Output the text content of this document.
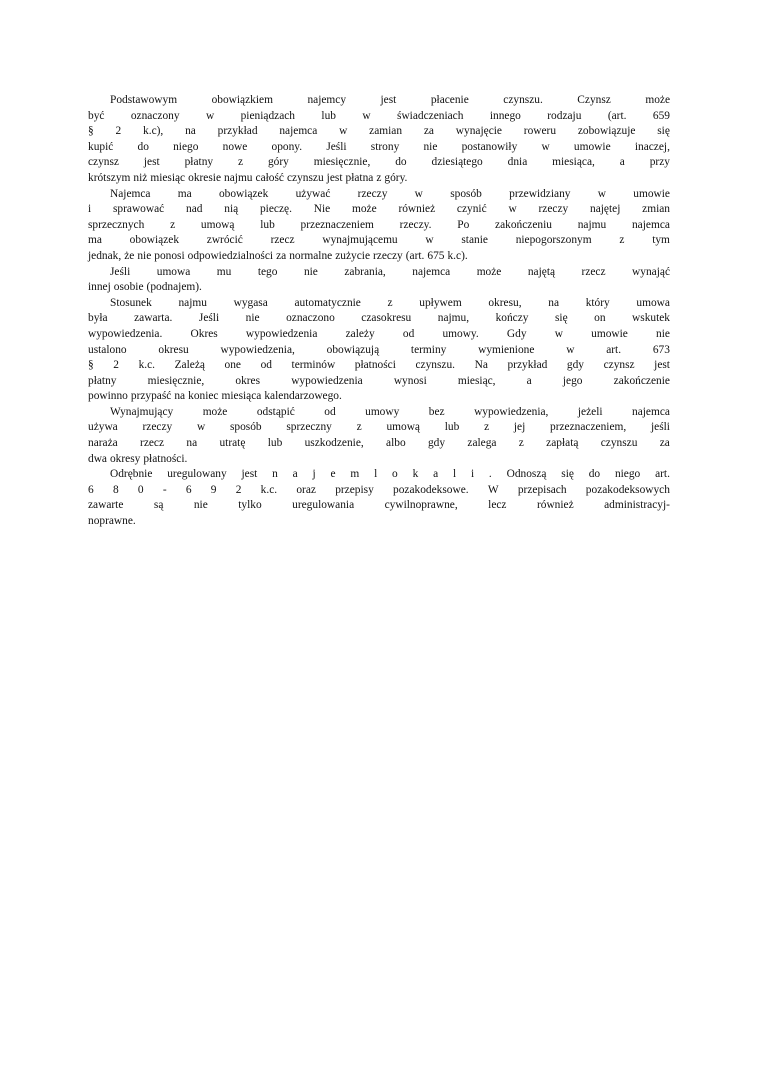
Podstawowym	obowiązkiem	najemcy	jest	płacenie	czynszu.	Czynsz	może
być oznaczony w pieniądzach lub w świadczeniach innego rodzaju (art. 659
§ 2 k.c), na przykład najemca w zamian za wynajęcie roweru zobowiązuje się
kupić do niego nowe opony. Jeśli strony nie postanowiły w umowie inaczej,
czynsz jest płatny z góry miesięcznie, do dziesiątego dnia miesiąca, a przy
krótszym niż miesiąc okresie najmu całość czynszu jest płatna z góry.
Najemca ma obowiązek używać rzeczy w sposób przewidziany w umowie
i sprawować nad nią pieczę. Nie może również czynić w rzeczy najętej zmian
sprzecznych z umową lub przeznaczeniem rzeczy. Po zakończeniu najmu najemca
ma obowiązek zwrócić rzecz wynajmującemu w stanie niepogorszonym z tym
jednak, że nie ponosi odpowiedzialności za normalne zużycie rzeczy (art. 675 k.c).
Jeśli umowa mu tego nie zabrania, najemca może najętą rzecz wynająć
innej osobie (podnajem).
Stosunek najmu wygasa automatycznie z upływem okresu, na który umowa
była zawarta. Jeśli nie oznaczono czasokresu najmu, kończy się on wskutek
wypowiedzenia. Okres wypowiedzenia zależy od umowy. Gdy w umowie nie
ustalono	okresu	wypowiedzenia,	obowiązują	terminy	wymienione	w	art.	673
§ 2 k.c. Zależą one od terminów płatności czynszu. Na przykład gdy czynsz jest
płatny	miesięcznie,	okres	wypowiedzenia	wynosi	miesiąc,	a	jego	zakończenie
powinno przypaść na koniec miesiąca kalendarzowego.
Wynajmujący	może	odstąpić	od	umowy	bez	wypowiedzenia,	jeżeli	najemca
używa rzeczy w sposób sprzeczny z umową lub z jej przeznaczeniem, jeśli
naraża rzecz na utratę lub uszkodzenie, albo gdy zalega z zapłatą czynszu za
dwa okresy płatności.
Odrębnie uregulowany jest n a j e m l o k a l i . Odnoszą się do niego art.
6 8 0 - 6 9 2 k.c. oraz przepisy pozakodeksowe. W przepisach pozakodeksowych
zawarte	są	nie	tylko	uregulowania	cywilnoprawne,	lecz	również	administracyj-
noprawne.
